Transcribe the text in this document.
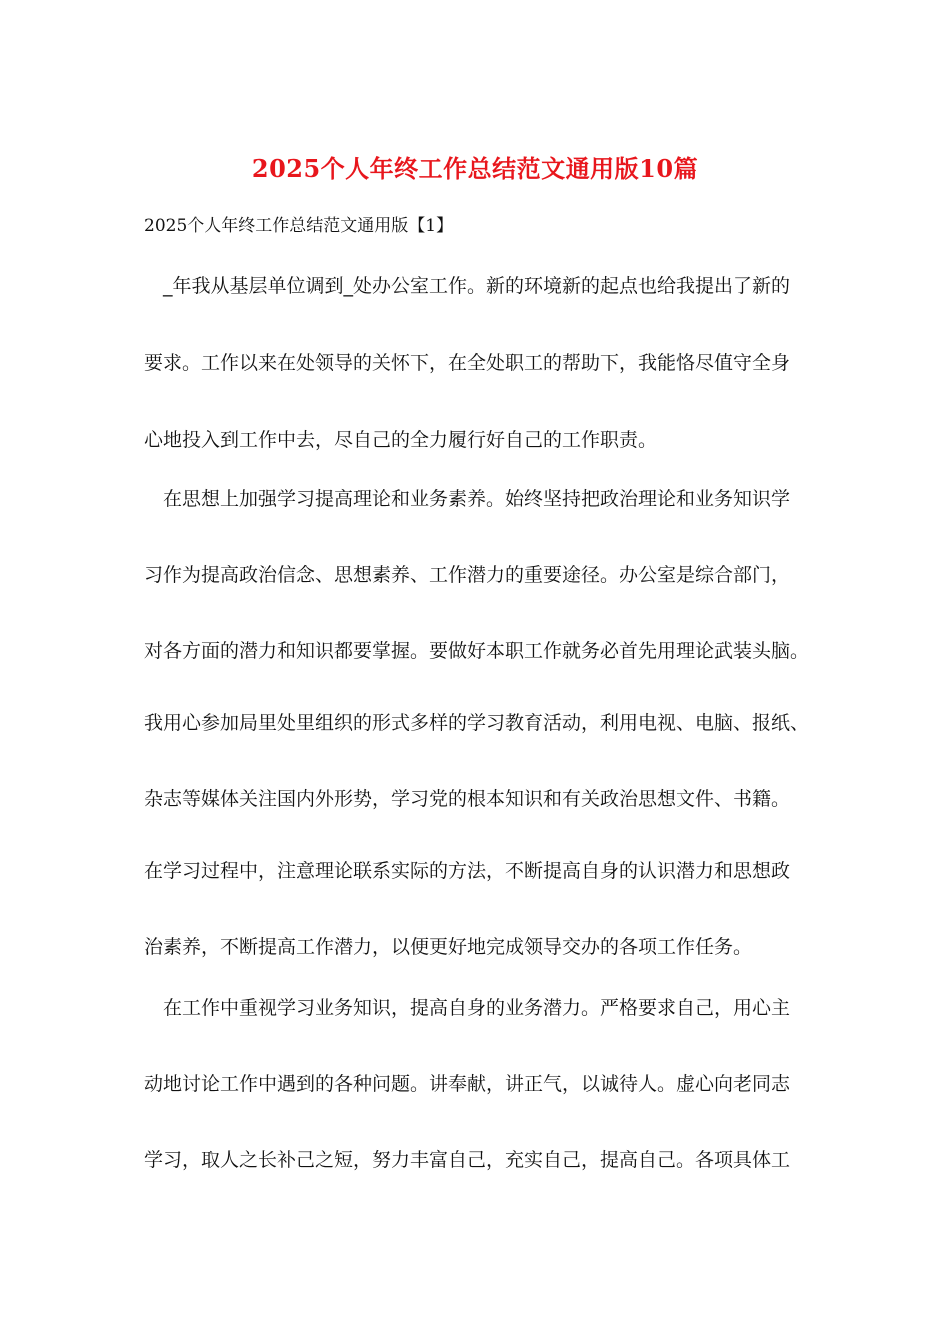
2025个人年终工作总结范文通用版10篇
2025个人年终工作总结范文通用版【1】
_年我从基层单位调到_处办公室工作。新的环境新的起点也给我提出了新的
要求。工作以来在处领导的关怀下，在全处职工的帮助下，我能恪尽值守全身
心地投入到工作中去，尽自己的全力履行好自己的工作职责。
在思想上加强学习提高理论和业务素养。始终坚持把政治理论和业务知识学
习作为提高政治信念、思想素养、工作潜力的重要途径。办公室是综合部门，
对各方面的潜力和知识都要掌握。要做好本职工作就务必首先用理论武装头脑。
我用心参加局里处里组织的形式多样的学习教育活动，利用电视、电脑、报纸、
杂志等媒体关注国内外形势，学习党的根本知识和有关政治思想文件、书籍。
在学习过程中，注意理论联系实际的方法，不断提高自身的认识潜力和思想政
治素养，不断提高工作潜力，以便更好地完成领导交办的各项工作任务。
在工作中重视学习业务知识，提高自身的业务潜力。严格要求自己，用心主
动地讨论工作中遇到的各种问题。讲奉献，讲正气，以诚待人。虚心向老同志
学习，取人之长补己之短，努力丰富自己，充实自己，提高自己。各项具体工
